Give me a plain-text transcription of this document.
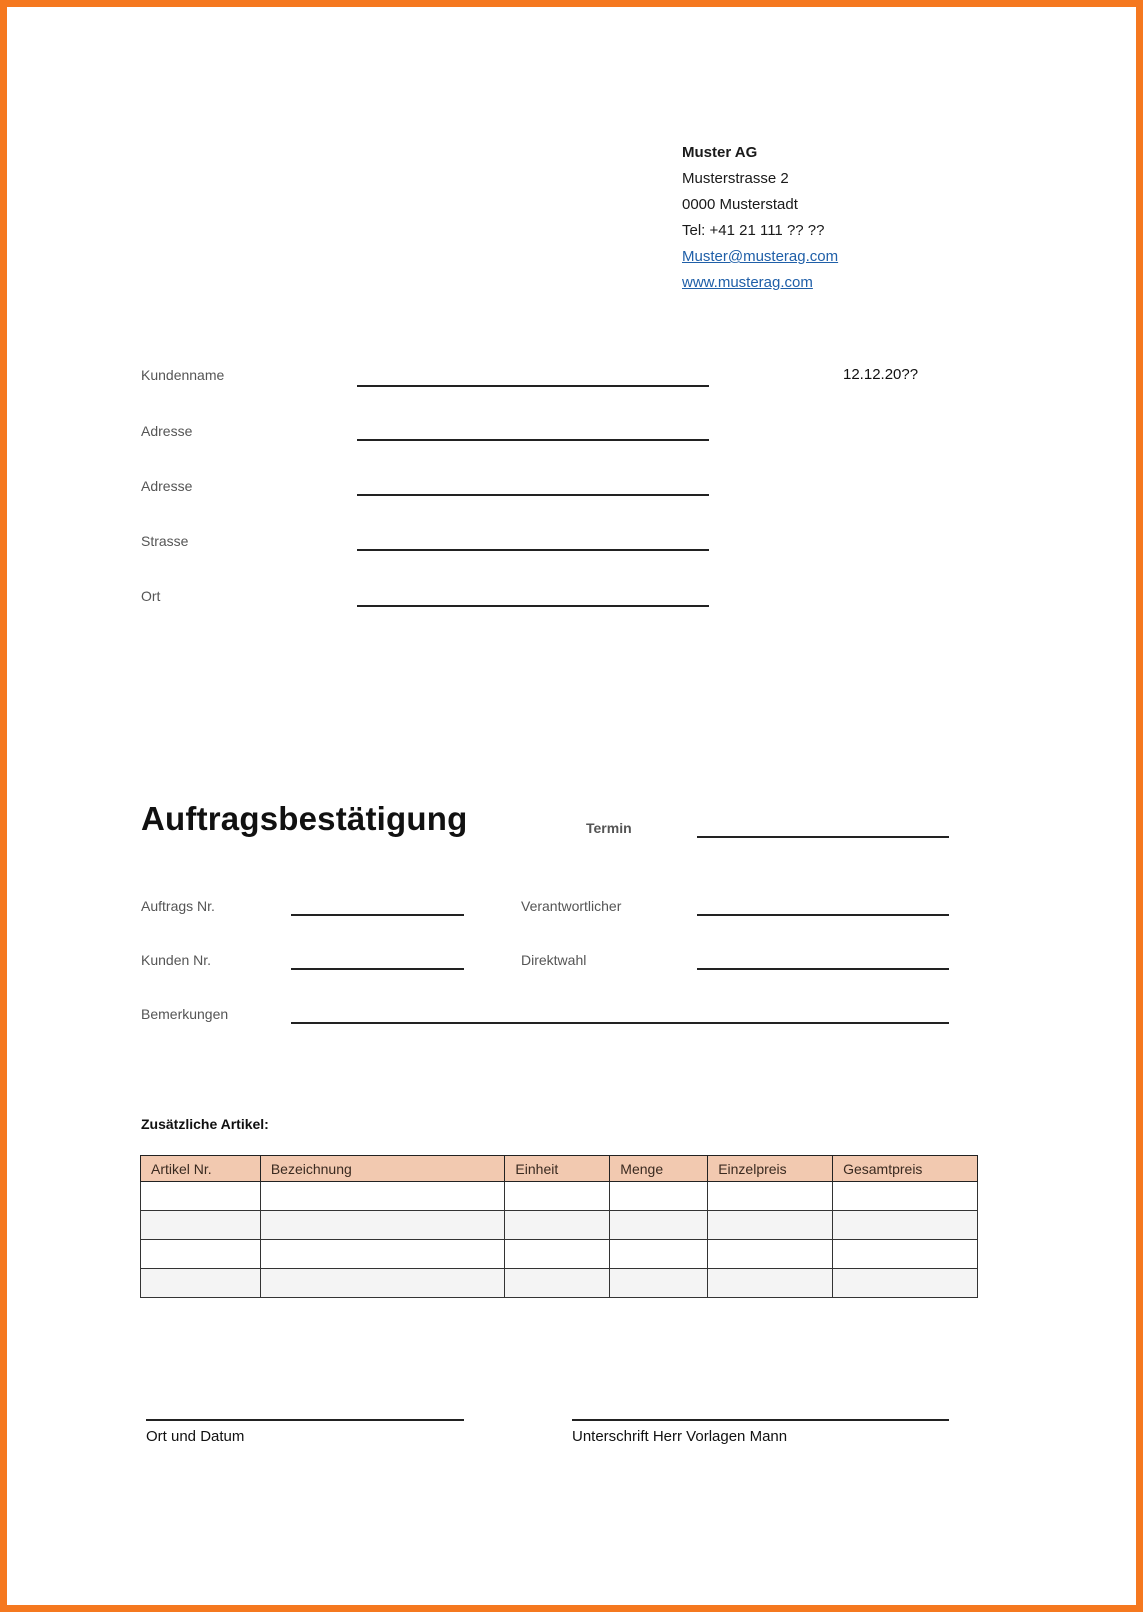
Muster AG
Musterstrasse 2
0000 Musterstadt
Tel: +41 21 111 ?? ??
Muster@musterag.com
www.musterag.com
Kundenname
Adresse
Adresse
Strasse
Ort
12.12.20??
Auftragsbestätigung	Termin
Auftrags Nr.	Verantwortlicher
Kunden Nr.	Direktwahl
Bemerkungen
Zusätzliche Artikel:
Artikel Nr.	Bezeichnung	Einheit	Menge	Einzelpreis	Gesamtpreis

Ort und Datum	Unterschrift Herr Vorlagen Mann
